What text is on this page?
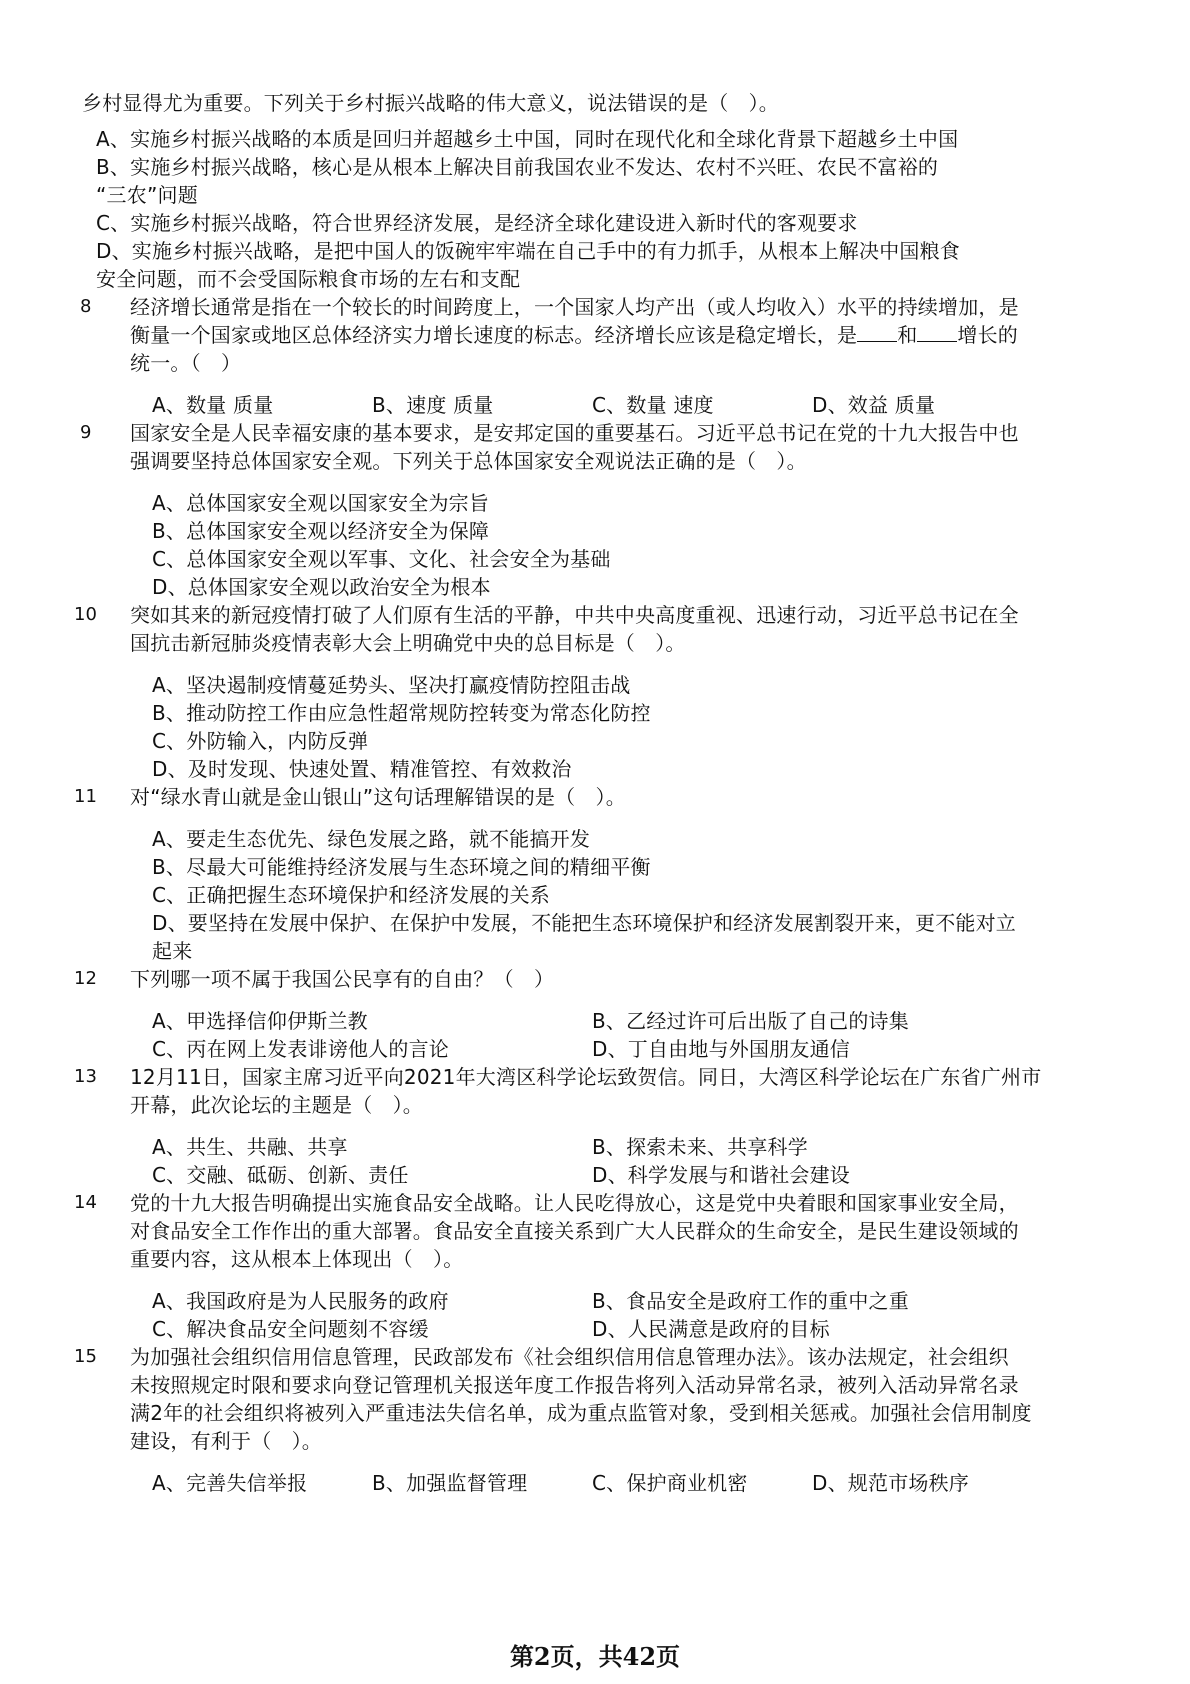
乡村显得尤为重要。下列关于乡村振兴战略的伟大意义，说法错误的是（　）。
A、实施乡村振兴战略的本质是回归并超越乡土中国，同时在现代化和全球化背景下超越乡土中国
B、实施乡村振兴战略，核心是从根本上解决目前我国农业不发达、农村不兴旺、农民不富裕的
“三农”问题
C、实施乡村振兴战略，符合世界经济发展，是经济全球化建设进入新时代的客观要求
D、实施乡村振兴战略，是把中国人的饭碗牢牢端在自己手中的有力抓手，从根本上解决中国粮食
安全问题，而不会受国际粮食市场的左右和支配
8 经济增长通常是指在一个较长的时间跨度上，一个国家人均产出（或人均收入）水平的持续增加，是
衡量一个国家或地区总体经济实力增长速度的标志。经济增长应该是稳定增长，是 和 增长的
统一。（　）
A、数量 质量	B、速度 质量	C、数量 速度	D、效益 质量
9 国家安全是人民幸福安康的基本要求，是安邦定国的重要基石。习近平总书记在党的十九大报告中也
强调要坚持总体国家安全观。下列关于总体国家安全观说法正确的是（　）。
A、总体国家安全观以国家安全为宗旨
B、总体国家安全观以经济安全为保障
C、总体国家安全观以军事、文化、社会安全为基础
D、总体国家安全观以政治安全为根本
10 突如其来的新冠疫情打破了人们原有生活的平静，中共中央高度重视、迅速行动，习近平总书记在全
国抗击新冠肺炎疫情表彰大会上明确党中央的总目标是（　）。
A、坚决遏制疫情蔓延势头、坚决打赢疫情防控阻击战
B、推动防控工作由应急性超常规防控转变为常态化防控
C、外防输入，内防反弹
D、及时发现、快速处置、精准管控、有效救治
11 对“绿水青山就是金山银山”这句话理解错误的是（　）。
A、要走生态优先、绿色发展之路，就不能搞开发
B、尽最大可能维持经济发展与生态环境之间的精细平衡
C、正确把握生态环境保护和经济发展的关系
D、要坚持在发展中保护、在保护中发展，不能把生态环境保护和经济发展割裂开来，更不能对立
起来
12 下列哪一项不属于我国公民享有的自由？（　）
A、甲选择信仰伊斯兰教	B、乙经过许可后出版了自己的诗集
C、丙在网上发表诽谤他人的言论	D、丁自由地与外国朋友通信
13 12月11日，国家主席习近平向2021年大湾区科学论坛致贺信。同日，大湾区科学论坛在广东省广州市
开幕，此次论坛的主题是（　）。
A、共生、共融、共享	B、探索未来、共享科学
C、交融、砥砺、创新、责任	D、科学发展与和谐社会建设
14 党的十九大报告明确提出实施食品安全战略。让人民吃得放心，这是党中央着眼和国家事业安全局，
对食品安全工作作出的重大部署。食品安全直接关系到广大人民群众的生命安全，是民生建设领域的
重要内容，这从根本上体现出（　）。
A、我国政府是为人民服务的政府	B、食品安全是政府工作的重中之重
C、解决食品安全问题刻不容缓	D、人民满意是政府的目标
15 为加强社会组织信用信息管理，民政部发布《社会组织信用信息管理办法》。该办法规定，社会组织
未按照规定时限和要求向登记管理机关报送年度工作报告将列入活动异常名录，被列入活动异常名录
满2年的社会组织将被列入严重违法失信名单，成为重点监管对象，受到相关惩戒。加强社会信用制度
建设，有利于（　）。
A、完善失信举报	B、加强监督管理	C、保护商业机密	D、规范市场秩序
第2页，共42页
